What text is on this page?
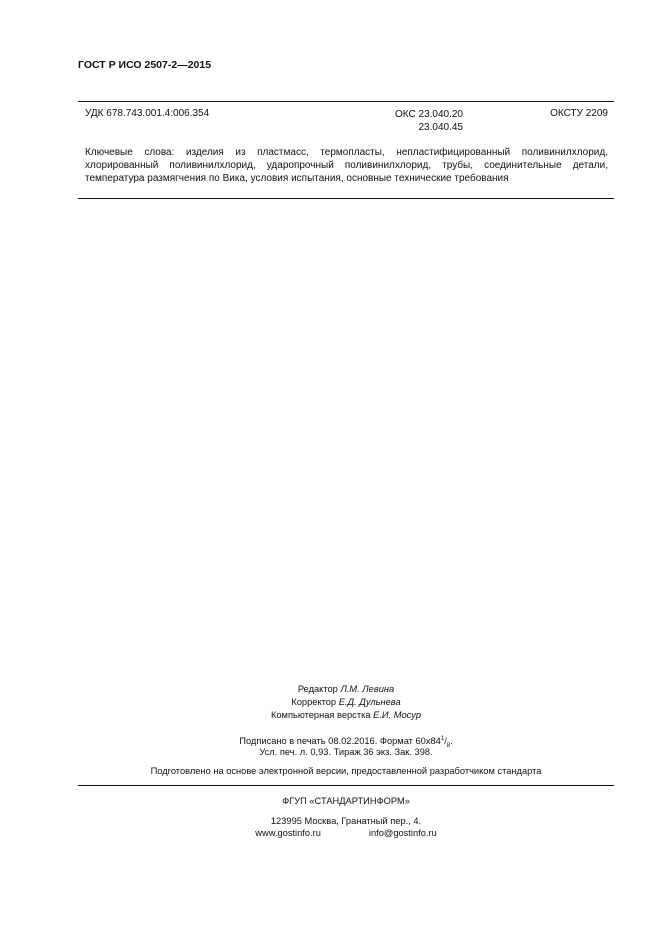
ГОСТ Р ИСО 2507-2—2015
УДК 678.743.001.4:006.354	ОКС 23.040.20
23.040.45
ОКСТУ 2209
Ключевые слова: изделия из пластмасс, термопласты, непластифицированный поливинилхлорид, хлорированный поливинилхлорид, ударопрочный поливинилхлорид, трубы, соединительные детали, температура размягчения по Вика, условия испытания, основные технические требования
Редактор Л.М. Левина
Корректор Е.Д. Дульнева
Компьютерная верстка Е.И. Мосур
Подписано в печать 08.02.2016. Формат $60x84^1/_8$.
Усл. печ. л. 0,93. Тираж 36 экз. Зак. 398.
Подготовлено на основе электронной версии, предоставленной разработчиком стандарта
ФГУП «СТАНДАРТИНФОРМ»
123995 Москва, Гранатный пер., 4.
www.gostinfo.ru	info@gostinfo.ru
